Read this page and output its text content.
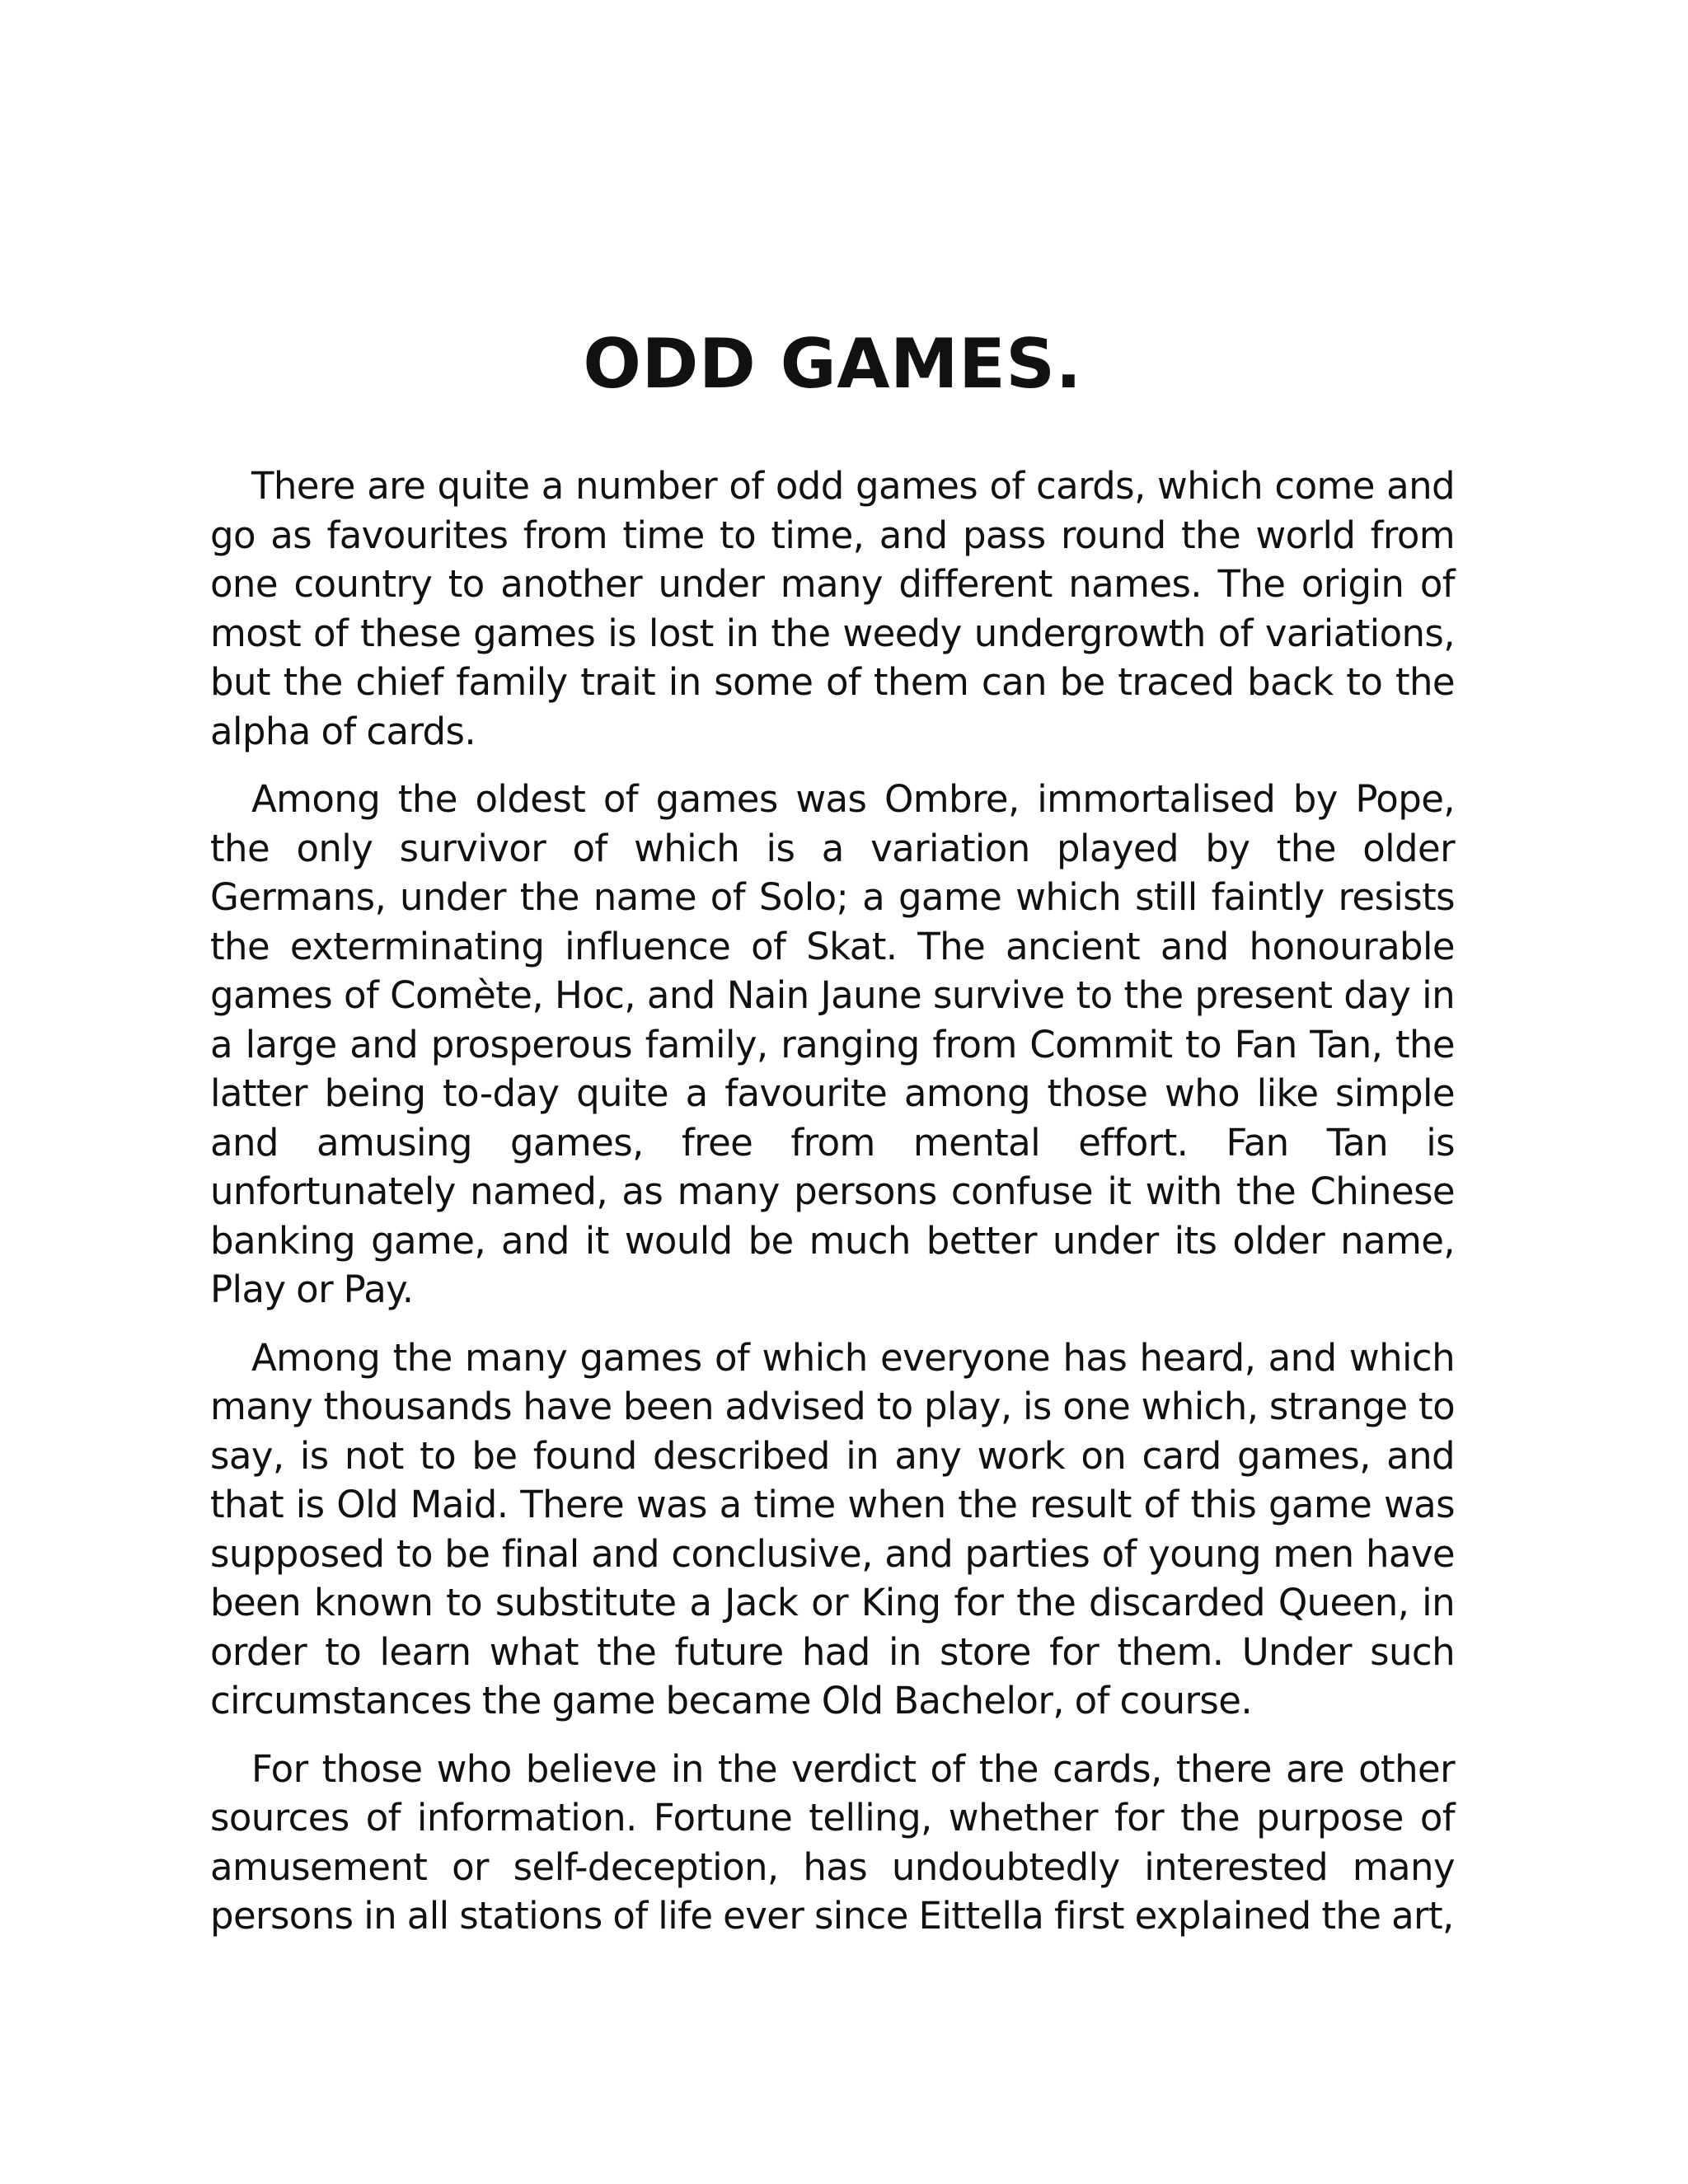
ODD GAMES.

There are quite a number of odd games of cards, which come and go as favourites from time to time, and pass round the world from one country to another under many different names. The origin of most of these games is lost in the weedy undergrowth of variations, but the chief family trait in some of them can be traced back to the alpha of cards.

Among the oldest of games was Ombre, immortalised by Pope, the only survivor of which is a variation played by the older Germans, under the name of Solo; a game which still faintly resists the exterminating influence of Skat. The ancient and honourable games of Comète, Hoc, and Nain Jaune survive to the present day in a large and prosperous family, ranging from Commit to Fan Tan, the latter being to-day quite a favourite among those who like simple and amusing games, free from mental effort. Fan Tan is unfortunately named, as many persons confuse it with the Chinese banking game, and it would be much better under its older name, Play or Pay.

Among the many games of which everyone has heard, and which many thousands have been advised to play, is one which, strange to say, is not to be found described in any work on card games, and that is Old Maid. There was a time when the result of this game was supposed to be final and conclusive, and parties of young men have been known to substitute a Jack or King for the discarded Queen, in order to learn what the future had in store for them. Under such circumstances the game became Old Bachelor, of course.

For those who believe in the verdict of the cards, there are other sources of information. Fortune telling, whether for the purpose of amusement or self-deception, has undoubtedly interested many persons in all stations of life ever since Eittella first explained the art,
